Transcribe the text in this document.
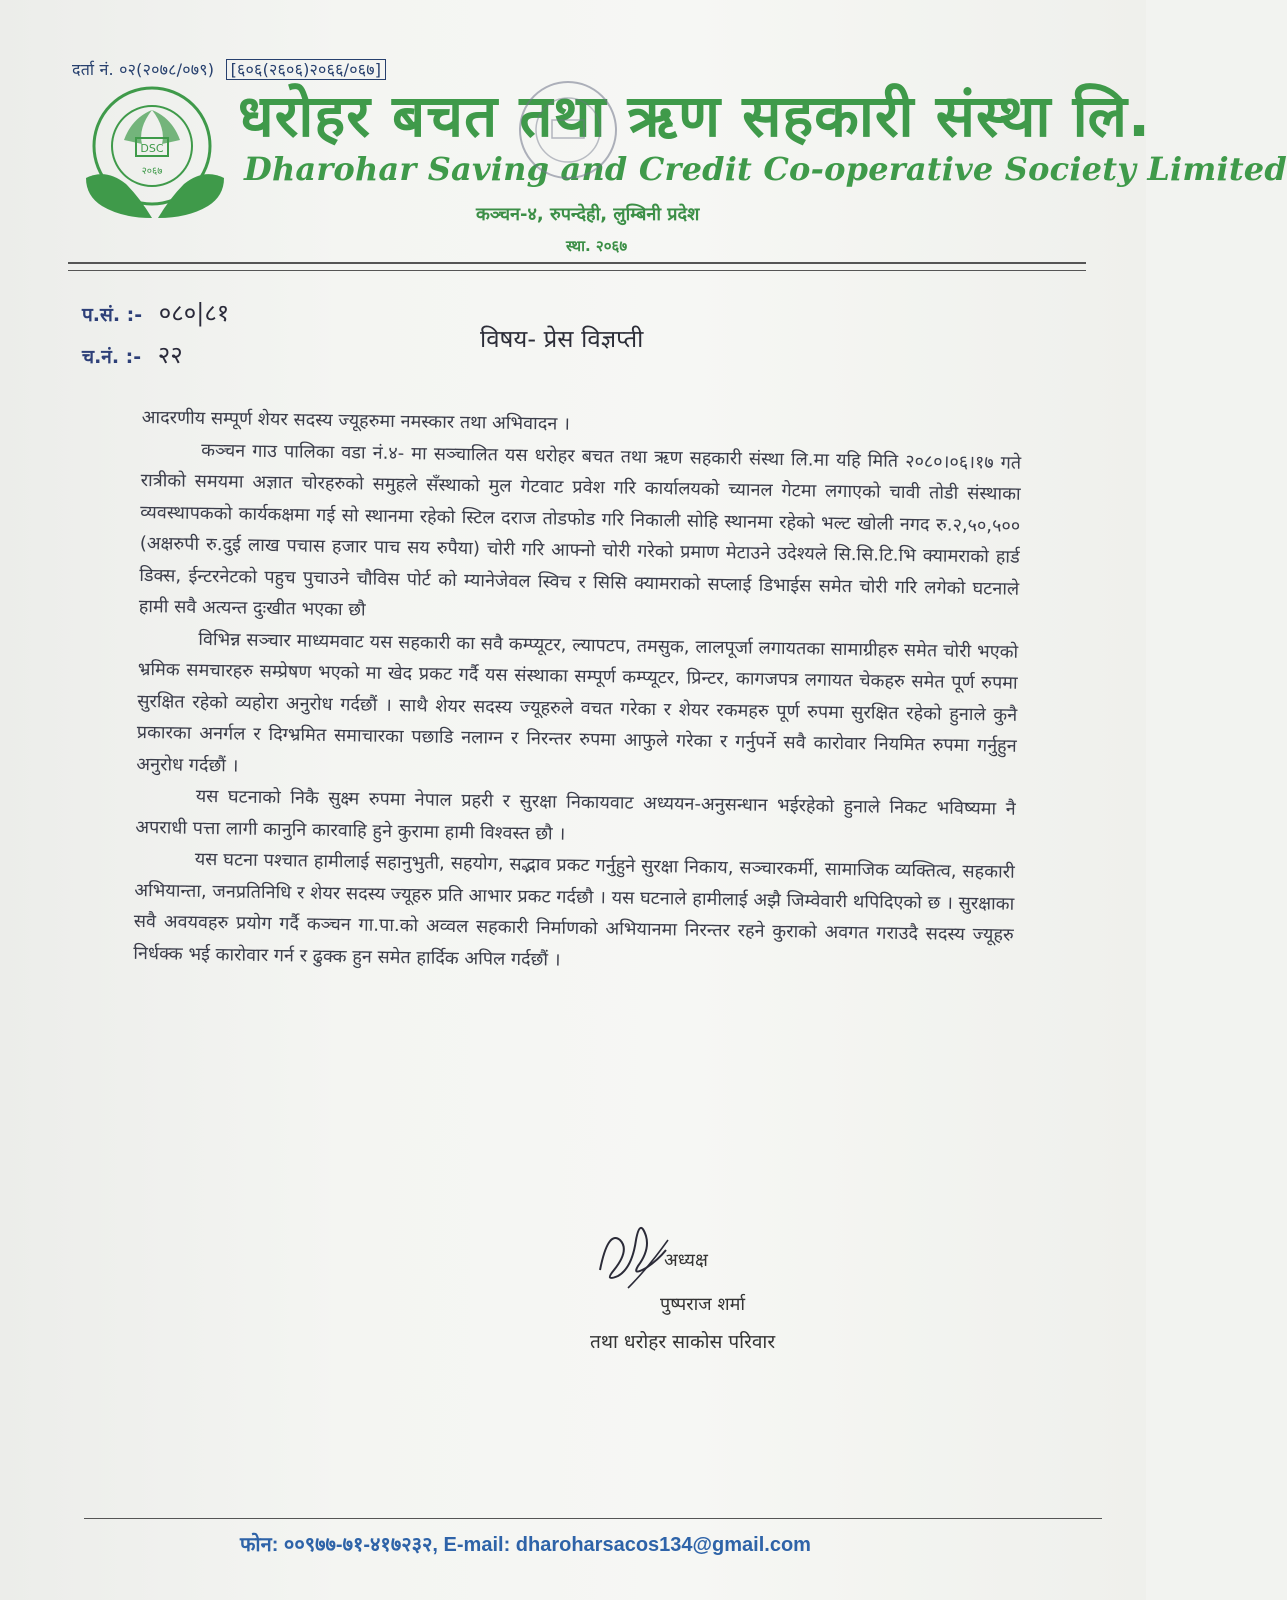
दर्ता नं. ०२(२०७८/०७९) [६०६(२६०६)२०६६/०६७]
DSC
२०६७
धरोहर बचत तथा ऋण सहकारी संस्था लि.
Dharohar Saving and Credit Co-operative Society Limited
कञ्चन-४, रुपन्देही, लुम्बिनी प्रदेश
स्था. २०६७
प.सं. :- ०८०|८१
च.नं. :- २२
विषय- प्रेस विज्ञप्ती

आदरणीय सम्पूर्ण शेयर सदस्य ज्यूहरुमा नमस्कार तथा अभिवादन ।

कञ्चन गाउ पालिका वडा नं.४- मा सञ्चालित यस धरोहर बचत तथा ऋण सहकारी संस्था लि.मा यहि मिति २०८०।०६।१७ गते रात्रीको समयमा अज्ञात चोरहरुको समुहले सँस्थाको मुल गेटवाट प्रवेश गरि कार्यालयको च्यानल गेटमा लगाएको चावी तोडी संस्थाका व्यवस्थापकको कार्यकक्षमा गई सो स्थानमा रहेको स्टिल दराज तोडफोड गरि निकाली सोहि स्थानमा रहेको भल्ट खोली नगद रु.२,५०,५०० (अक्षरुपी रु.दुई लाख पचास हजार पाच सय रुपैया) चोरी गरि आफ्नो चोरी गरेको प्रमाण मेटाउने उदेश्यले सि.सि.टि.भि क्यामराको हार्ड डिक्स, ईन्टरनेटको पहुच पुचाउने चौविस पोर्ट को म्यानेजेवल स्विच र सिसि क्यामराको सप्लाई डिभाईस समेत चोरी गरि लगेको घटनाले हामी सवै अत्यन्त दुःखीत भएका छौ

विभिन्न सञ्चार माध्यमवाट यस सहकारी का सवै कम्प्यूटर, ल्यापटप, तमसुक, लालपूर्जा लगायतका सामाग्रीहरु समेत चोरी भएको भ्रमिक समचारहरु सम्प्रेषण भएको मा खेद प्रकट गर्दै यस संस्थाका सम्पूर्ण कम्प्यूटर, प्रिन्टर, कागजपत्र लगायत चेकहरु समेत पूर्ण रुपमा सुरक्षित रहेको व्यहोरा अनुरोध गर्दछौं । साथै शेयर सदस्य ज्यूहरुले वचत गरेका र शेयर रकमहरु पूर्ण रुपमा सुरक्षित रहेको हुनाले कुनै प्रकारका अनर्गल र दिग्भ्रमित समाचारका पछाडि नलाग्न र निरन्तर रुपमा आफुले गरेका र गर्नुपर्ने सवै कारोवार नियमित रुपमा गर्नुहुन अनुरोध गर्दछौं ।

यस घटनाको निकै सुक्ष्म रुपमा नेपाल प्रहरी र सुरक्षा निकायवाट अध्ययन-अनुसन्धान भईरहेको हुनाले निकट भविष्यमा नै अपराधी पत्ता लागी कानुनि कारवाहि हुने कुरामा हामी विश्वस्त छौ ।

यस घटना पश्चात हामीलाई सहानुभुती, सहयोग, सद्भाव प्रकट गर्नुहुने सुरक्षा निकाय, सञ्चारकर्मी, सामाजिक व्यक्तित्व, सहकारी अभियान्ता, जनप्रतिनिधि र शेयर सदस्य ज्यूहरु प्रति आभार प्रकट गर्दछौ । यस घटनाले हामीलाई अझै जिम्वेवारी थपिदिएको छ । सुरक्षाका सवै अवयवहरु प्रयोग गर्दै कञ्चन गा.पा.को अव्वल सहकारी निर्माणको अभियानमा निरन्तर रहने कुराको अवगत गराउदै सदस्य ज्यूहरु निर्धक्क भई कारोवार गर्न र ढुक्क हुन समेत हार्दिक अपिल गर्दछौं ।

अध्यक्ष
पुष्पराज शर्मा
तथा धरोहर साकोस परिवार
फोन: ००९७७-७१-४१७२३२, E-mail: dharoharsacos134@gmail.com
